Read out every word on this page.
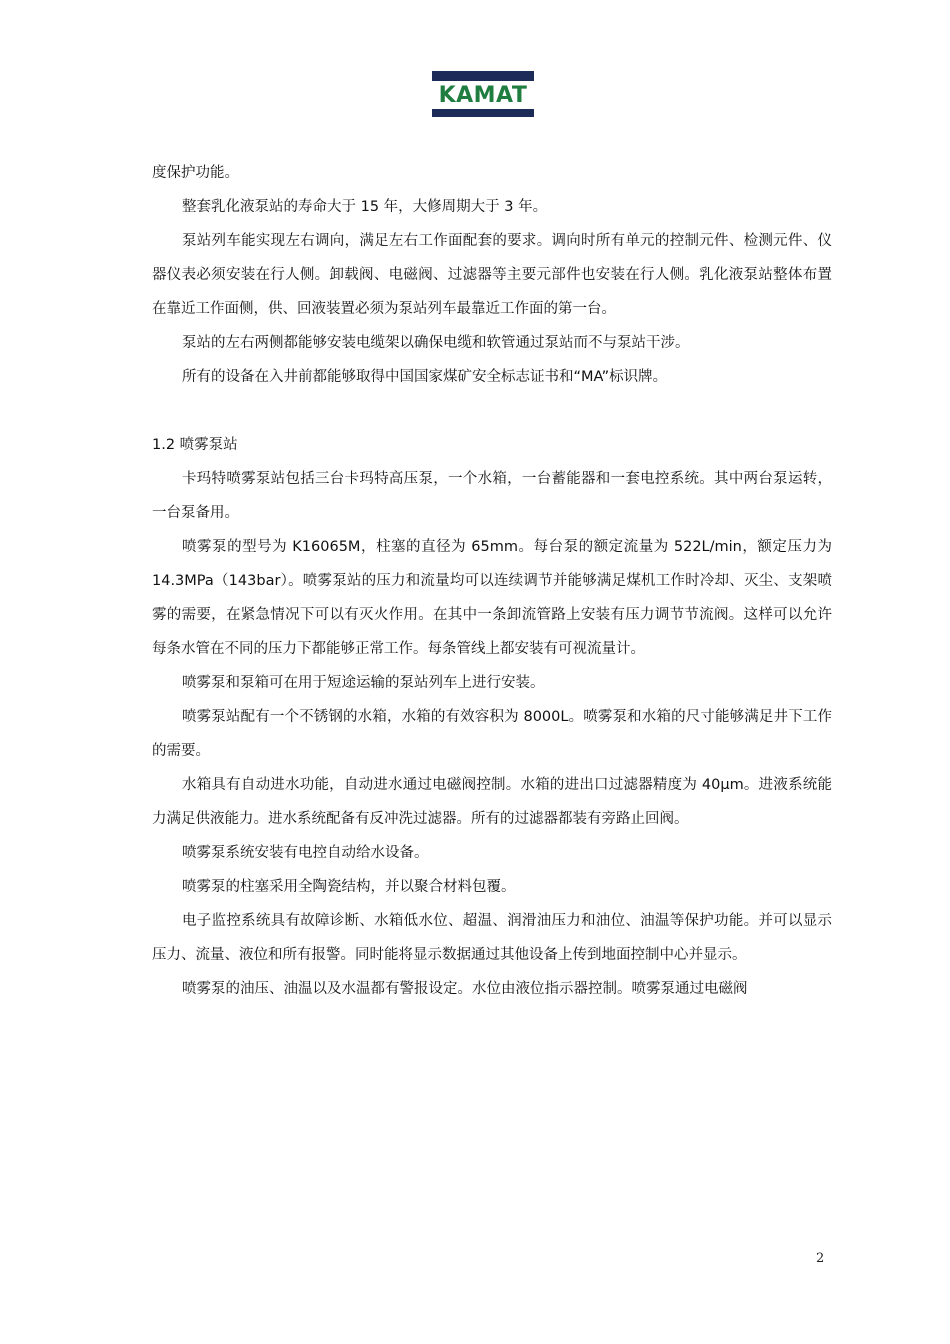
KAMAT

度保护功能。

整套乳化液泵站的寿命大于 15 年，大修周期大于 3 年。

泵站列车能实现左右调向，满足左右工作面配套的要求。调向时所有单元的控制元件、检测元件、仪器仪表必须安装在行人侧。卸载阀、电磁阀、过滤器等主要元部件也安装在行人侧。乳化液泵站整体布置在靠近工作面侧，供、回液装置必须为泵站列车最靠近工作面的第一台。

泵站的左右两侧都能够安装电缆架以确保电缆和软管通过泵站而不与泵站干涉。

所有的设备在入井前都能够取得中国国家煤矿安全标志证书和“MA”标识牌。

1.2 喷雾泵站

卡玛特喷雾泵站包括三台卡玛特高压泵，一个水箱，一台蓄能器和一套电控系统。其中两台泵运转，一台泵备用。

喷雾泵的型号为 K16065M，柱塞的直径为 65mm。每台泵的额定流量为 522L/min，额定压力为 14.3MPa（143bar）。喷雾泵站的压力和流量均可以连续调节并能够满足煤机工作时冷却、灭尘、支架喷雾的需要，在紧急情况下可以有灭火作用。在其中一条卸流管路上安装有压力调节节流阀。这样可以允许每条水管在不同的压力下都能够正常工作。每条管线上都安装有可视流量计。

喷雾泵和泵箱可在用于短途运输的泵站列车上进行安装。

喷雾泵站配有一个不锈钢的水箱，水箱的有效容积为 8000L。喷雾泵和水箱的尺寸能够满足井下工作的需要。

水箱具有自动进水功能，自动进水通过电磁阀控制。水箱的进出口过滤器精度为 40μm。进液系统能力满足供液能力。进水系统配备有反冲洗过滤器。所有的过滤器都装有旁路止回阀。

喷雾泵系统安装有电控自动给水设备。

喷雾泵的柱塞采用全陶瓷结构，并以聚合材料包覆。

电子监控系统具有故障诊断、水箱低水位、超温、润滑油压力和油位、油温等保护功能。并可以显示压力、流量、液位和所有报警。同时能将显示数据通过其他设备上传到地面控制中心并显示。

喷雾泵的油压、油温以及水温都有警报设定。水位由液位指示器控制。喷雾泵通过电磁阀

2
